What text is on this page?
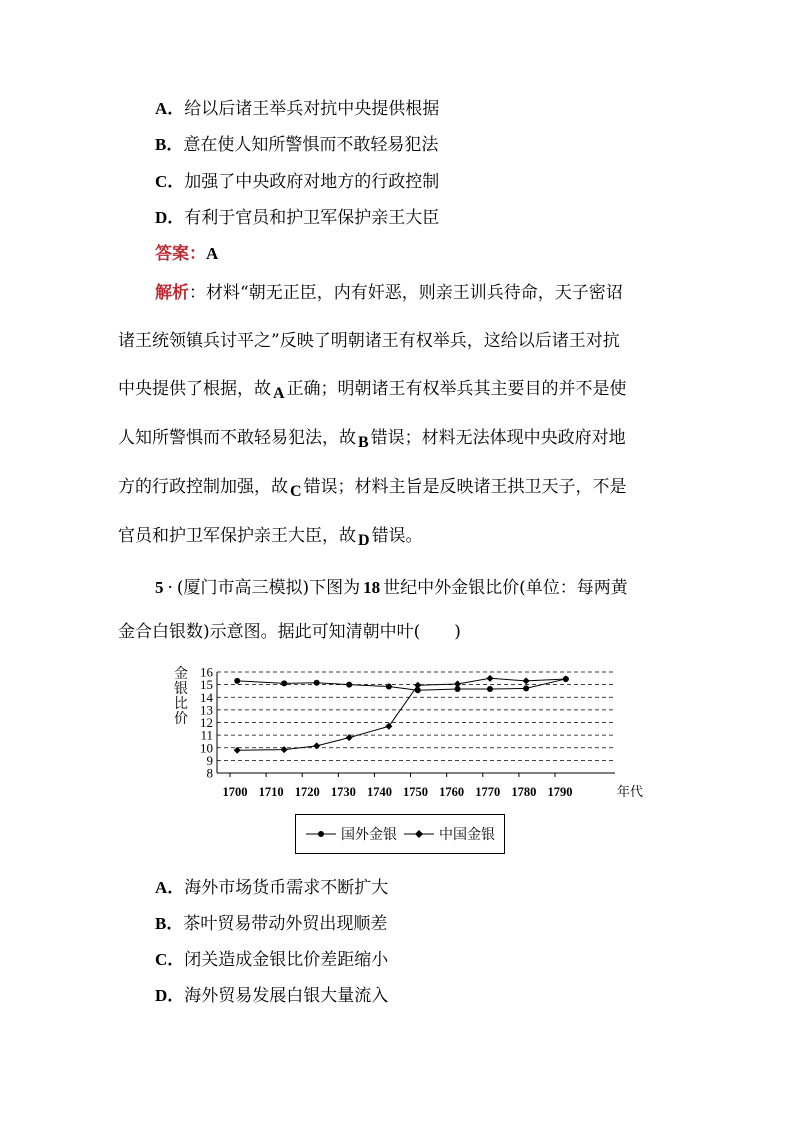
A．给以后诸王举兵对抗中央提供根据
B．意在使人知所警惧而不敢轻易犯法
C．加强了中央政府对地方的行政控制
D．有利于官员和护卫军保护亲王大臣
答案：A
解析：材料“朝无正臣，内有奸恶，则亲王训兵待命，天子密诏
诸王统领镇兵讨平之”反映了明朝诸王有权举兵，这给以后诸王对抗
中央提供了根据，故 A 正确；明朝诸王有权举兵其主要目的并不是使
人知所警惧而不敢轻易犯法，故 B 错误；材料无法体现中央政府对地
方的行政控制加强，故 C 错误；材料主旨是反映诸王拱卫天子，不是
官员和护卫军保护亲王大臣，故 D 错误。
5 · (厦门市高三模拟)下图为 18 世纪中外金银比价(单位：每两黄
金合白银数)示意图。据此可知清朝中叶(　　)
8
9
10
11
12
13
14
15
16
1700 1710 1720 1730 1740 1750 1760 1770 1780 1790	年代
金
银
比
价
国外金银	中国金银
A．海外市场货币需求不断扩大
B．茶叶贸易带动外贸出现顺差
C．闭关造成金银比价差距缩小
D．海外贸易发展白银大量流入
